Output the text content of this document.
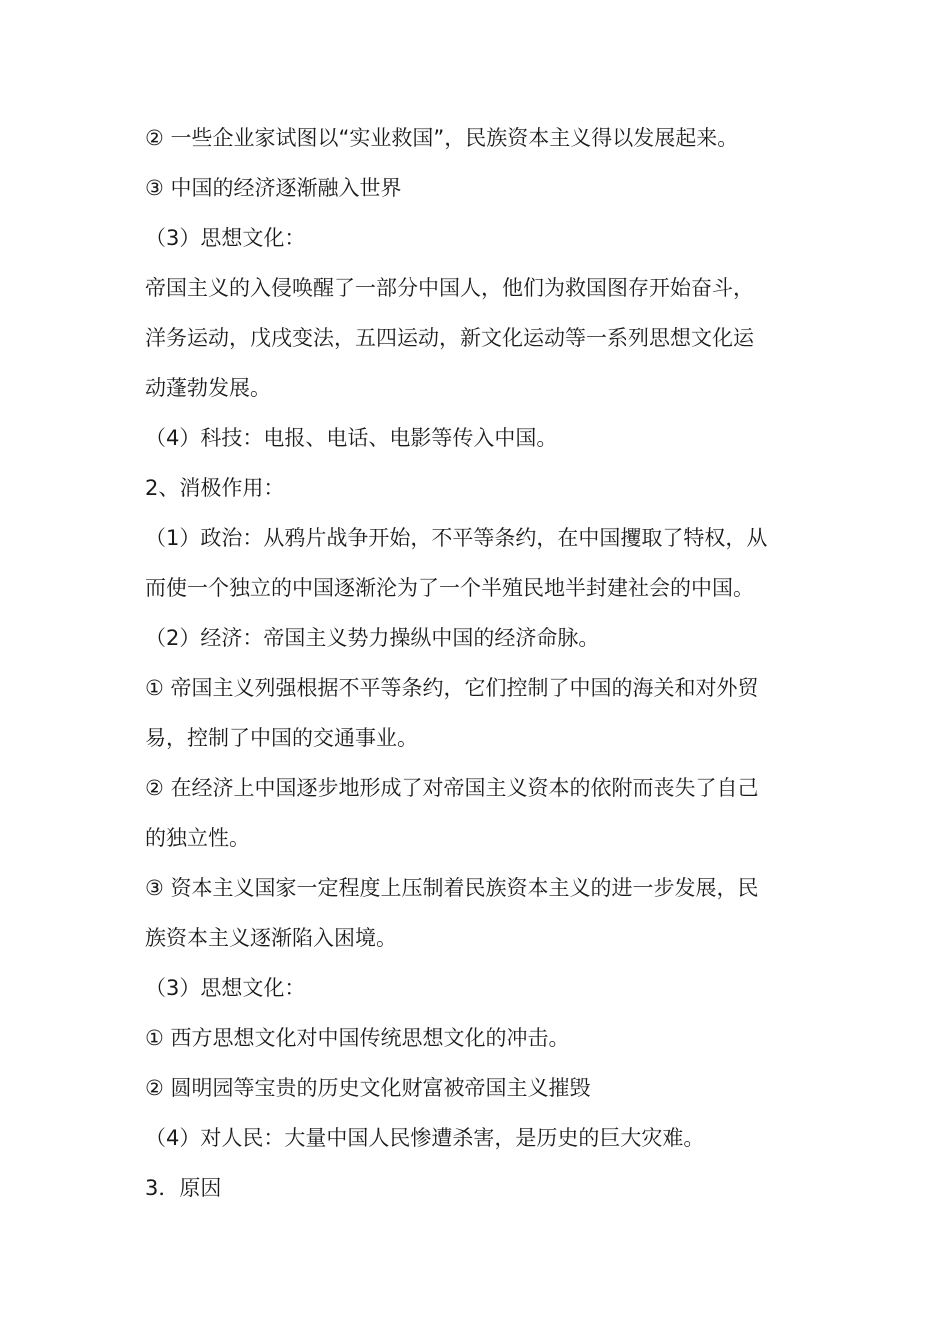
② 一些企业家试图以“实业救国”，民族资本主义得以发展起来。
③ 中国的经济逐渐融入世界
（3）思想文化：
帝国主义的入侵唤醒了一部分中国人，他们为救国图存开始奋斗，
洋务运动，戊戌变法，五四运动，新文化运动等一系列思想文化运
动蓬勃发展。
（4）科技：电报、电话、电影等传入中国。
2、消极作用：
（1）政治：从鸦片战争开始，不平等条约，在中国攫取了特权，从
而使一个独立的中国逐渐沦为了一个半殖民地半封建社会的中国。
（2）经济：帝国主义势力操纵中国的经济命脉。
① 帝国主义列强根据不平等条约，它们控制了中国的海关和对外贸
易，控制了中国的交通事业。
② 在经济上中国逐步地形成了对帝国主义资本的依附而丧失了自己
的独立性。
③ 资本主义国家一定程度上压制着民族资本主义的进一步发展，民
族资本主义逐渐陷入困境。
（3）思想文化：
① 西方思想文化对中国传统思想文化的冲击。
② 圆明园等宝贵的历史文化财富被帝国主义摧毁
（4）对人民：大量中国人民惨遭杀害，是历史的巨大灾难。
3．原因
